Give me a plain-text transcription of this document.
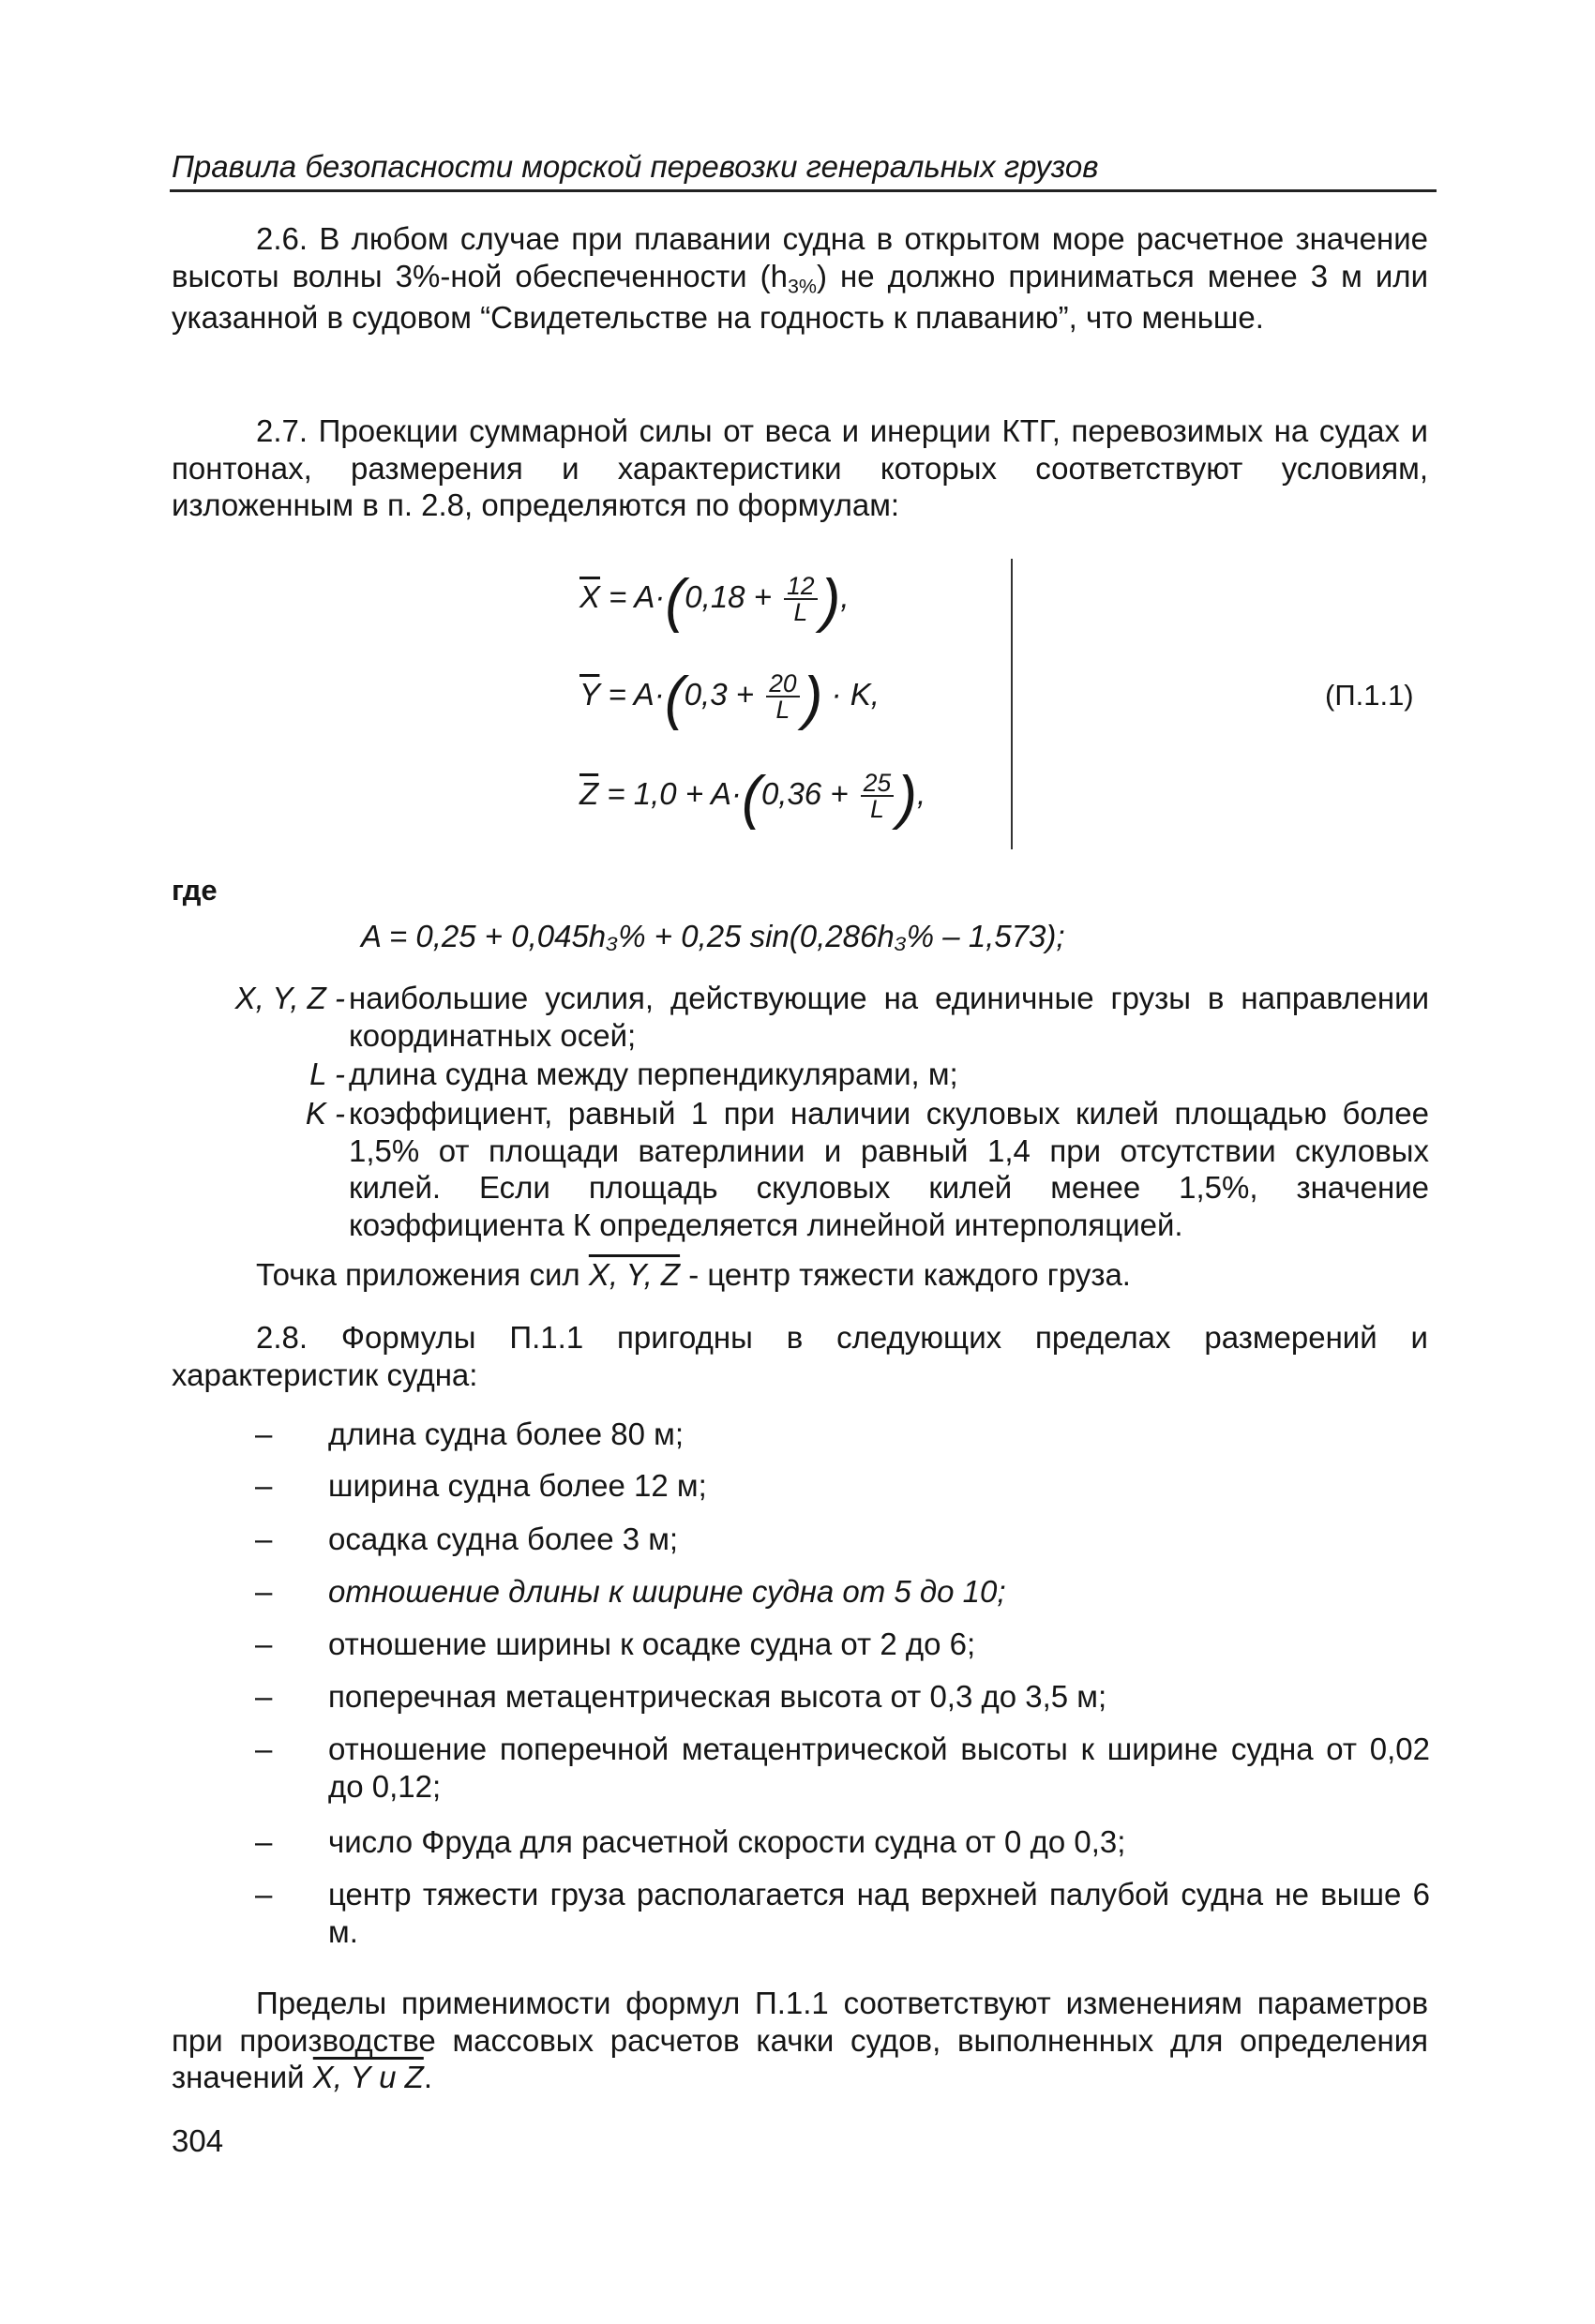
Правила безопасности морской перевозки генеральных грузов
2.6. В любом случае при плавании судна в открытом море расчетное значение высоты волны 3%-ной обеспеченности $(h_{3\%})$ не должно приниматься менее 3 м или указанной в судовом “Свидетельстве на годность к плаванию”, что меньше.
2.7. Проекции суммарной силы от веса и инерции КТГ, перевозимых на судах и понтонах, размерения и характеристики которых соответствуют условиям, изложенным в п. 2.8, определяются по формулам:
$\overline{X} = A\cdot(0,18 + \frac{12}{L}$ ),
$\overline{Y} = A\cdot(0,3 + \frac{20}{L}$ ) · K,
$\overline{Z} = 1,0 + A\cdot(0,36 + \frac{25}{L}$ ),
(П.1.1)
где
A = 0,25 + 0,045h₃% + 0,25 sin(0,286h₃% – 1,573);
X, Y, Z - наибольшие усилия, действующие на единичные грузы в направлении координатных осей;
L - длина судна между перпендикулярами, м;
K - коэффициент, равный 1 при наличии скуловых килей площадью более 1,5% от площади ватерлинии и равный 1,4 при отсутствии скуловых килей. Если площадь скуловых килей менее 1,5%, значение коэффициента К определяется линейной интерполяцией.
Точка приложения сил X, Y, Z - центр тяжести каждого груза.
2.8. Формулы П.1.1 пригодны в следующих пределах размерений и характеристик судна:
– длина судна более 80 м;
– ширина судна более 12 м;
– осадка судна более 3 м;
– отношение длины к ширине судна от 5 до 10;
– отношение ширины к осадке судна от 2 до 6;
– поперечная метацентрическая высота от 0,3 до 3,5 м;
– отношение поперечной метацентрической высоты к ширине судна от 0,02 до 0,12;
– число Фруда для расчетной скорости судна от 0 до 0,3;
– центр тяжести груза располагается над верхней палубой судна не выше 6 м.
Пределы применимости формул П.1.1 соответствуют изменениям параметров при производстве массовых расчетов качки судов, выполненных для определения значений X, Y и Z.
304
